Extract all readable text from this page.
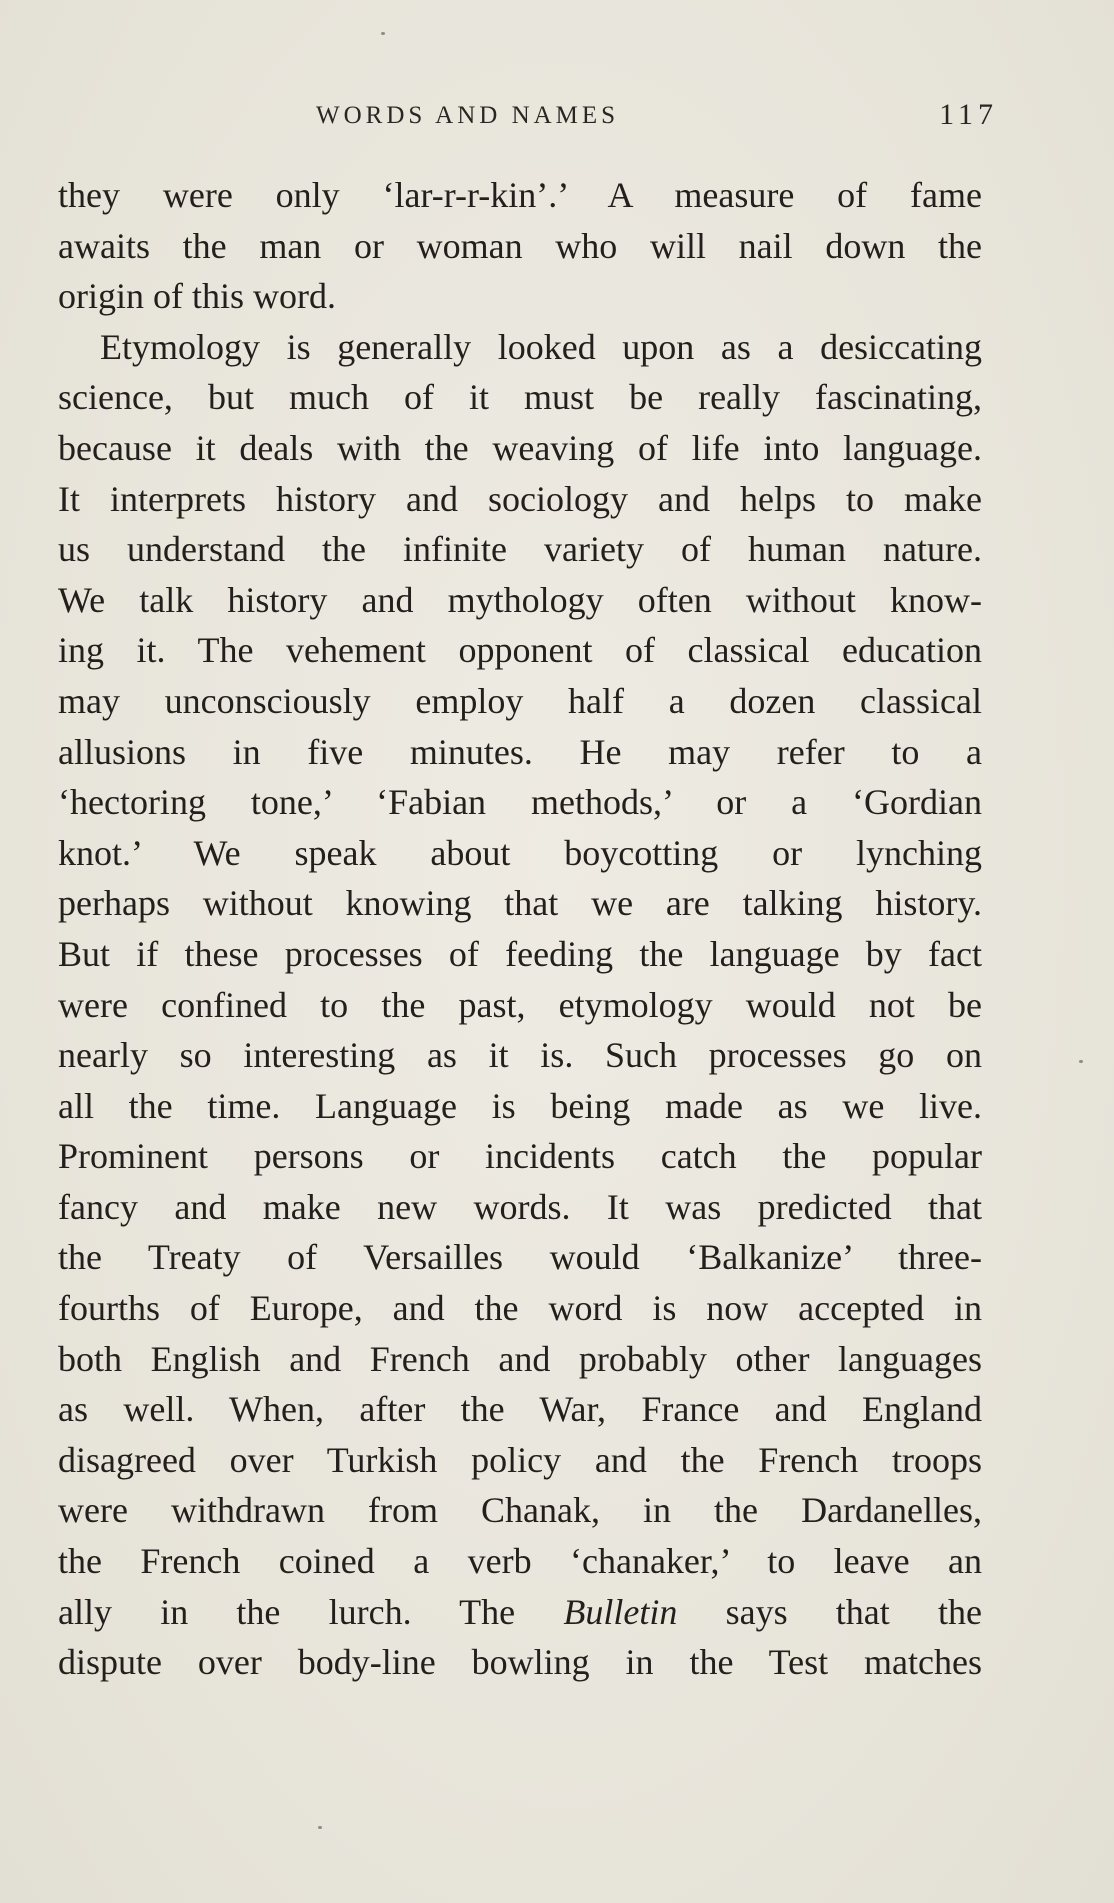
WORDS AND NAMES	117
they were only ‘lar-r-r-kin’.’ A measure of fame
awaits the man or woman who will nail down the
origin of this word.
Etymology is generally looked upon as a desiccating
science, but much of it must be really fascinating,
because it deals with the weaving of life into language.
It interprets history and sociology and helps to make
us understand the infinite variety of human nature.
We talk history and mythology often without know-
ing it. The vehement opponent of classical education
may unconsciously employ half a dozen classical
allusions in five minutes. He may refer to a
‘hectoring tone,’ ‘Fabian methods,’ or a ‘Gordian
knot.’ We speak about boycotting or lynching
perhaps without knowing that we are talking history.
But if these processes of feeding the language by fact
were confined to the past, etymology would not be
nearly so interesting as it is. Such processes go on
all the time. Language is being made as we live.
Prominent persons or incidents catch the popular
fancy and make new words. It was predicted that
the Treaty of Versailles would ‘Balkanize’ three-
fourths of Europe, and the word is now accepted in
both English and French and probably other languages
as well. When, after the War, France and England
disagreed over Turkish policy and the French troops
were withdrawn from Chanak, in the Dardanelles,
the French coined a verb ‘chanaker,’ to leave an
ally in the lurch. The Bulletin says that the
dispute over body-line bowling in the Test matches
